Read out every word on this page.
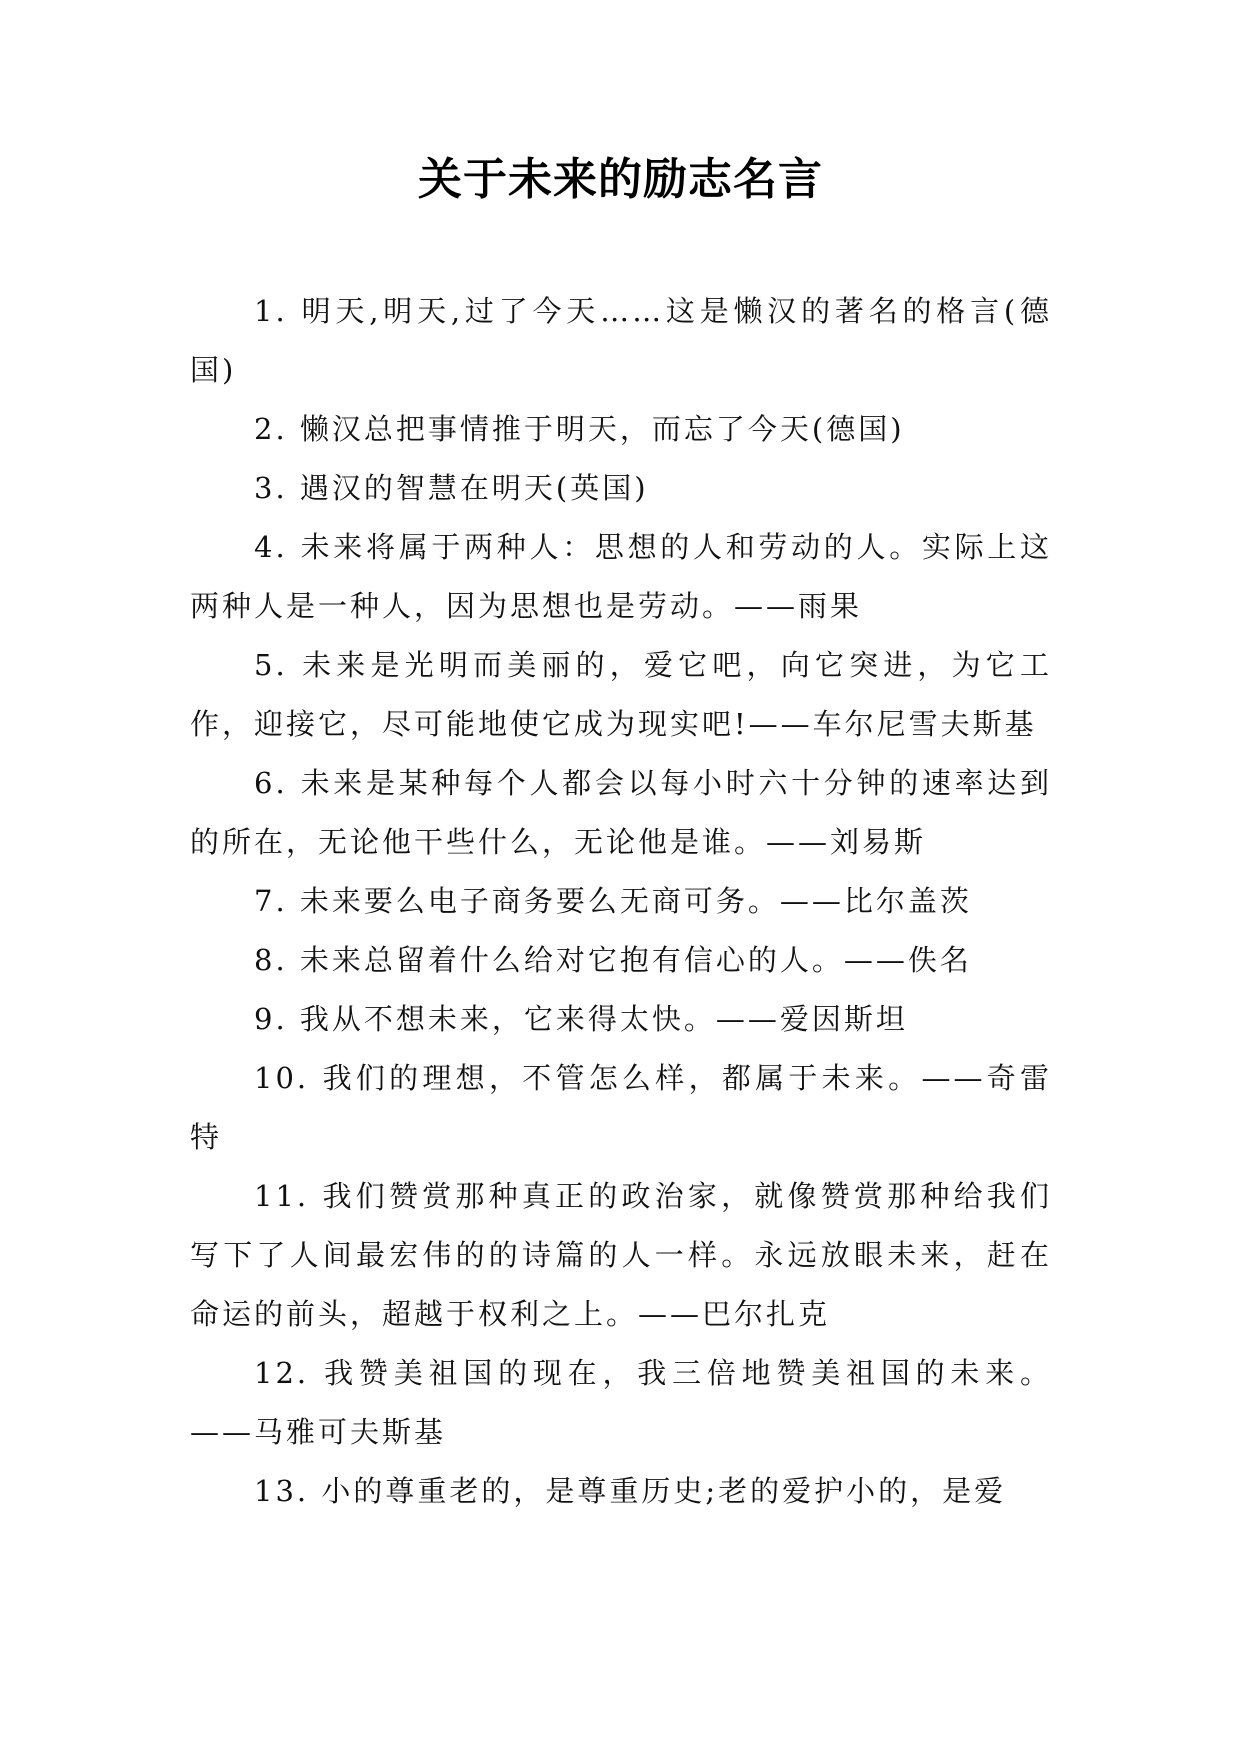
关于未来的励志名言

1. 明天,明天,过了今天……这是懒汉的著名的格言(德国)

2. 懒汉总把事情推于明天，而忘了今天(德国)

3. 遇汉的智慧在明天(英国)

4. 未来将属于两种人：思想的人和劳动的人。实际上这两种人是一种人，因为思想也是劳动。——雨果

5. 未来是光明而美丽的，爱它吧，向它突进，为它工作，迎接它，尽可能地使它成为现实吧!——车尔尼雪夫斯基

6. 未来是某种每个人都会以每小时六十分钟的速率达到的所在，无论他干些什么，无论他是谁。——刘易斯

7. 未来要么电子商务要么无商可务。——比尔盖茨

8. 未来总留着什么给对它抱有信心的人。——佚名

9. 我从不想未来，它来得太快。——爱因斯坦

10. 我们的理想，不管怎么样，都属于未来。——奇雷特

11. 我们赞赏那种真正的政治家，就像赞赏那种给我们写下了人间最宏伟的的诗篇的人一样。永远放眼未来，赶在命运的前头，超越于权利之上。——巴尔扎克

12. 我赞美祖国的现在，我三倍地赞美祖国的未来。——马雅可夫斯基

13. 小的尊重老的，是尊重历史;老的爱护小的，是爱
